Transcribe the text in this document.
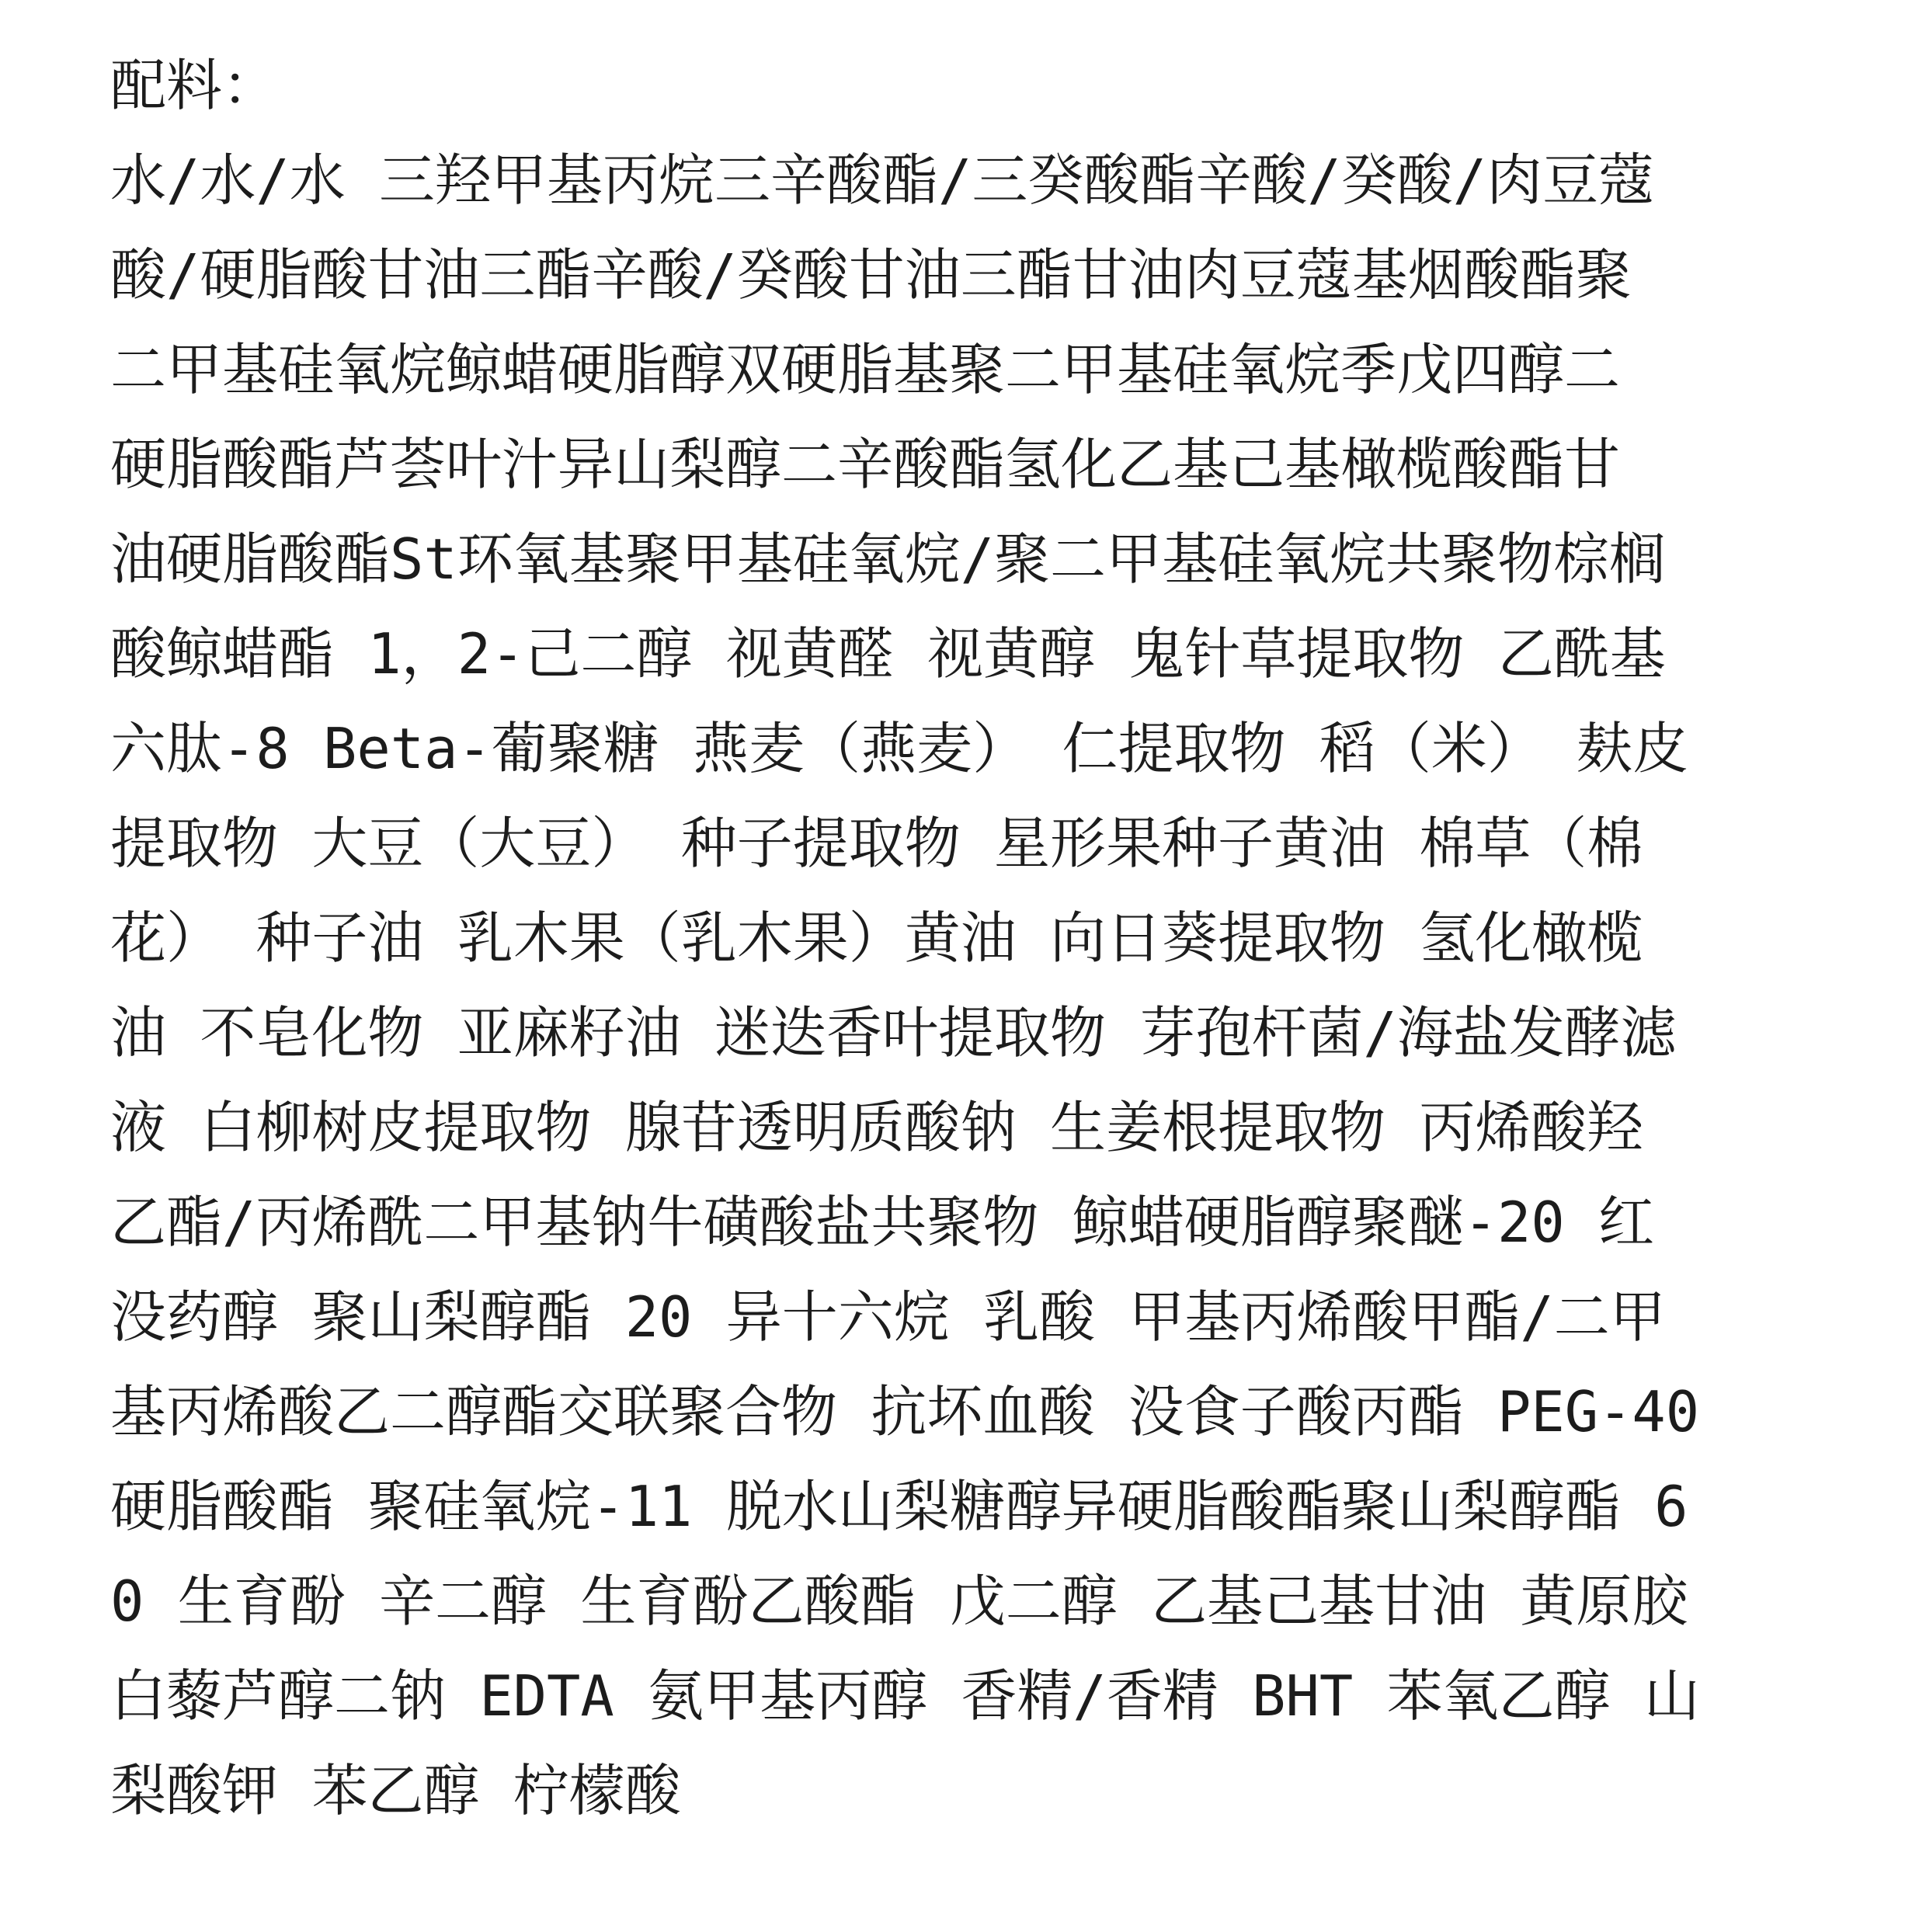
配料：
水/水/水 三羟甲基丙烷三辛酸酯/三癸酸酯辛酸/癸酸/肉豆蔻
酸/硬脂酸甘油三酯辛酸/癸酸甘油三酯甘油肉豆蔻基烟酸酯聚
二甲基硅氧烷鲸蜡硬脂醇双硬脂基聚二甲基硅氧烷季戊四醇二
硬脂酸酯芦荟叶汁异山梨醇二辛酸酯氢化乙基己基橄榄酸酯甘
油硬脂酸酯St环氧基聚甲基硅氧烷/聚二甲基硅氧烷共聚物棕榈
酸鲸蜡酯 1，2-己二醇 视黄醛 视黄醇 鬼针草提取物 乙酰基
六肽-8 Beta-葡聚糖 燕麦（燕麦） 仁提取物 稻（米） 麸皮
提取物 大豆（大豆） 种子提取物 星形果种子黄油 棉草（棉
花） 种子油 乳木果（乳木果）黄油 向日葵提取物 氢化橄榄
油 不皂化物 亚麻籽油 迷迭香叶提取物 芽孢杆菌/海盐发酵滤
液 白柳树皮提取物 腺苷透明质酸钠 生姜根提取物 丙烯酸羟
乙酯/丙烯酰二甲基钠牛磺酸盐共聚物 鲸蜡硬脂醇聚醚-20 红
没药醇 聚山梨醇酯 20 异十六烷 乳酸 甲基丙烯酸甲酯/二甲
基丙烯酸乙二醇酯交联聚合物 抗坏血酸 没食子酸丙酯 PEG-40
硬脂酸酯 聚硅氧烷-11 脱水山梨糖醇异硬脂酸酯聚山梨醇酯 6
0 生育酚 辛二醇 生育酚乙酸酯 戊二醇 乙基己基甘油 黄原胶
白藜芦醇二钠 EDTA 氨甲基丙醇 香精/香精 BHT 苯氧乙醇 山
梨酸钾 苯乙醇 柠檬酸
